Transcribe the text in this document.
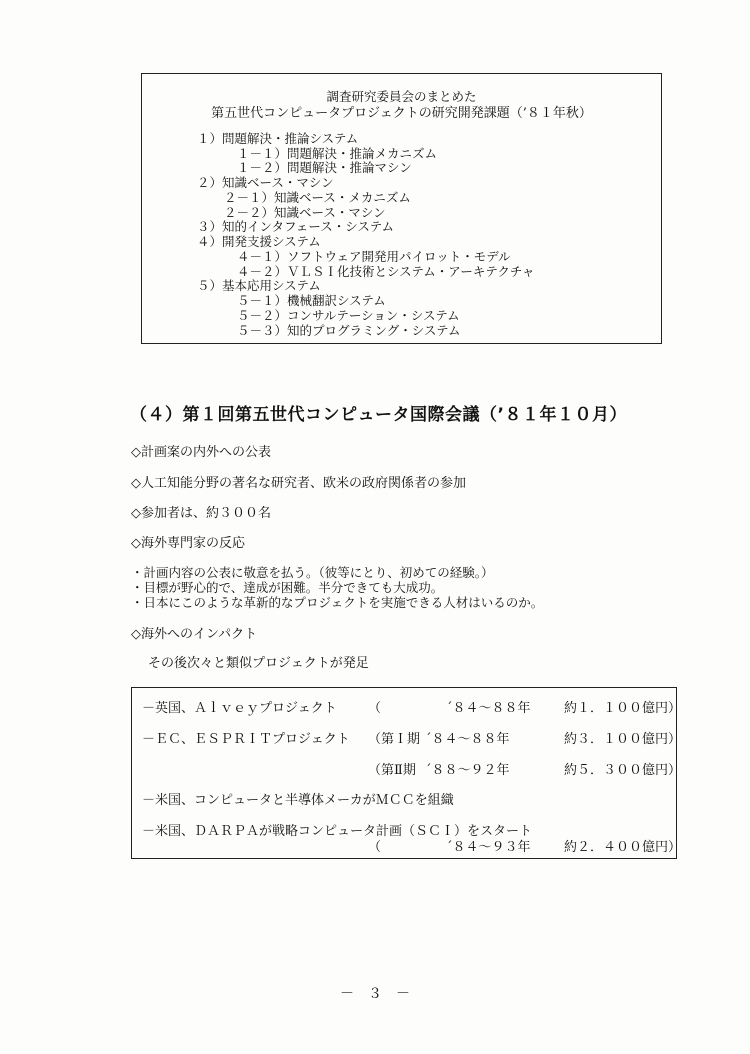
調査研究委員会のまとめた
第五世代コンピュータプロジェクトの研究開発課題（’８１年秋）
１）問題解決・推論システム
１－１）問題解決・推論メカニズム
１－２）問題解決・推論マシン
２）知識ベース・マシン
２－１）知識ベース・メカニズム
２－２）知識ベース・マシン
３）知的インタフェース・システム
４）開発支援システム
４－１）ソフトウェア開発用パイロット・モデル
４－２）ＶＬＳＩ化技術とシステム・アーキテクチャ
５）基本応用システム
５－１）機械翻訳システム
５－２）コンサルテーション・システム
５－３）知的プログラミング・システム
（４）第１回第五世代コンピュータ国際会議（’８１年１０月）
◇計画案の内外への公表
◇人工知能分野の著名な研究者、欧米の政府関係者の参加
◇参加者は、約３００名
◇海外専門家の反応
・計画内容の公表に敬意を払う。（彼等にとり、初めての経験。）
・目標が野心的で、達成が困難。半分できても大成功。
・日本にこのような革新的なプロジェクトを実施できる人材はいるのか。
◇海外へのインパクト
その後次々と類似プロジェクトが発足
－英国、Ａｌｖｅｙプロジェクト （	´８４～８８年	約１．１００億円）
－ＥＣ、ＥＳＰＲＩＴプロジェクト （第Ｉ期 ´８４～８８年	約３．１００億円）
（第Ⅱ期 ´８８～９２年	約５．３００億円）
－米国、コンピュータと半導体メーカがＭＣＣを組織
－米国、ＤＡＲＰＡが戦略コンピュータ計画（ＳＣＩ）をスタート
（	´８４～９３年	約２．４００億円）
－　３　－
